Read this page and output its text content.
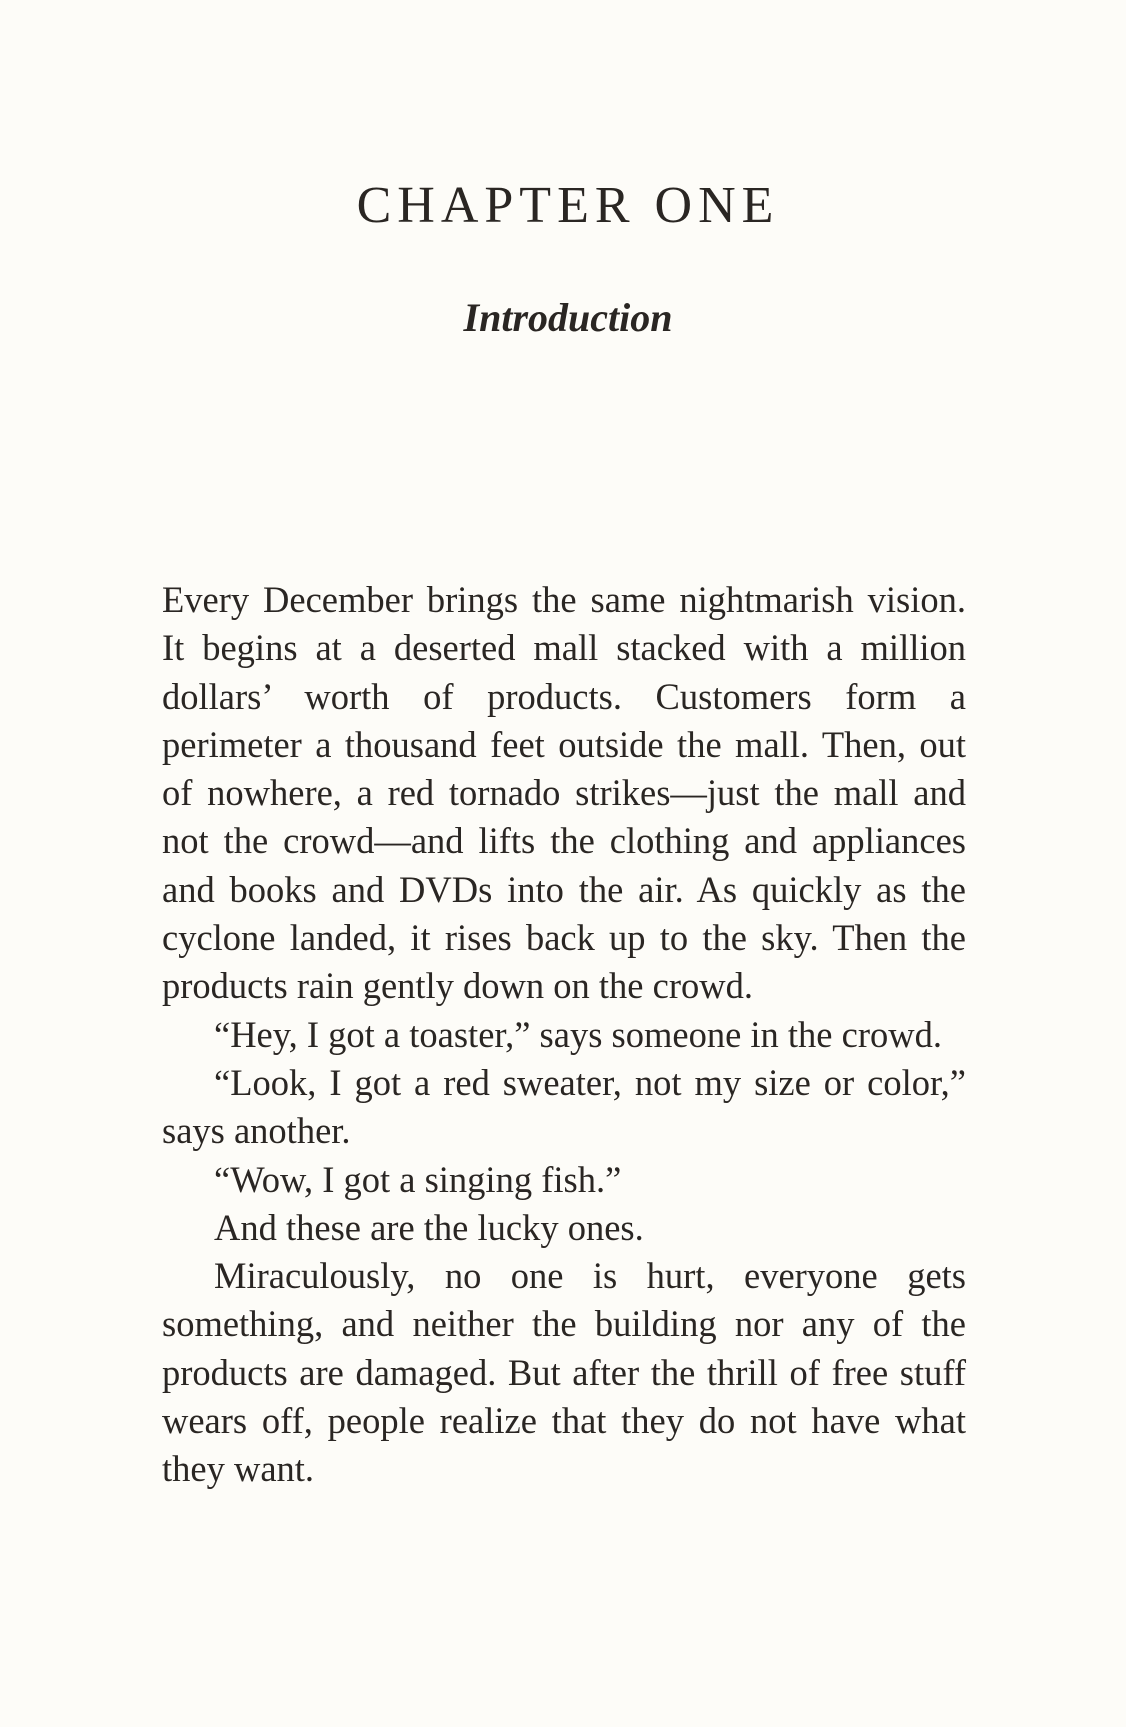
CHAPTER ONE
Introduction

Every December brings the same nightmarish vision. It begins at a deserted mall stacked with a million dollars’ worth of products. Customers form a perimeter a thousand feet outside the mall. Then, out of nowhere, a red tornado strikes—just the mall and not the crowd—and lifts the clothing and appliances and books and DVDs into the air. As quickly as the cyclone landed, it rises back up to the sky. Then the products rain gently down on the crowd.

“Hey, I got a toaster,” says someone in the crowd.

“Look, I got a red sweater, not my size or color,” says another.

“Wow, I got a singing fish.”

And these are the lucky ones.

Miraculously, no one is hurt, everyone gets something, and neither the building nor any of the products are damaged. But after the thrill of free stuff wears off, people realize that they do not have what they want.
